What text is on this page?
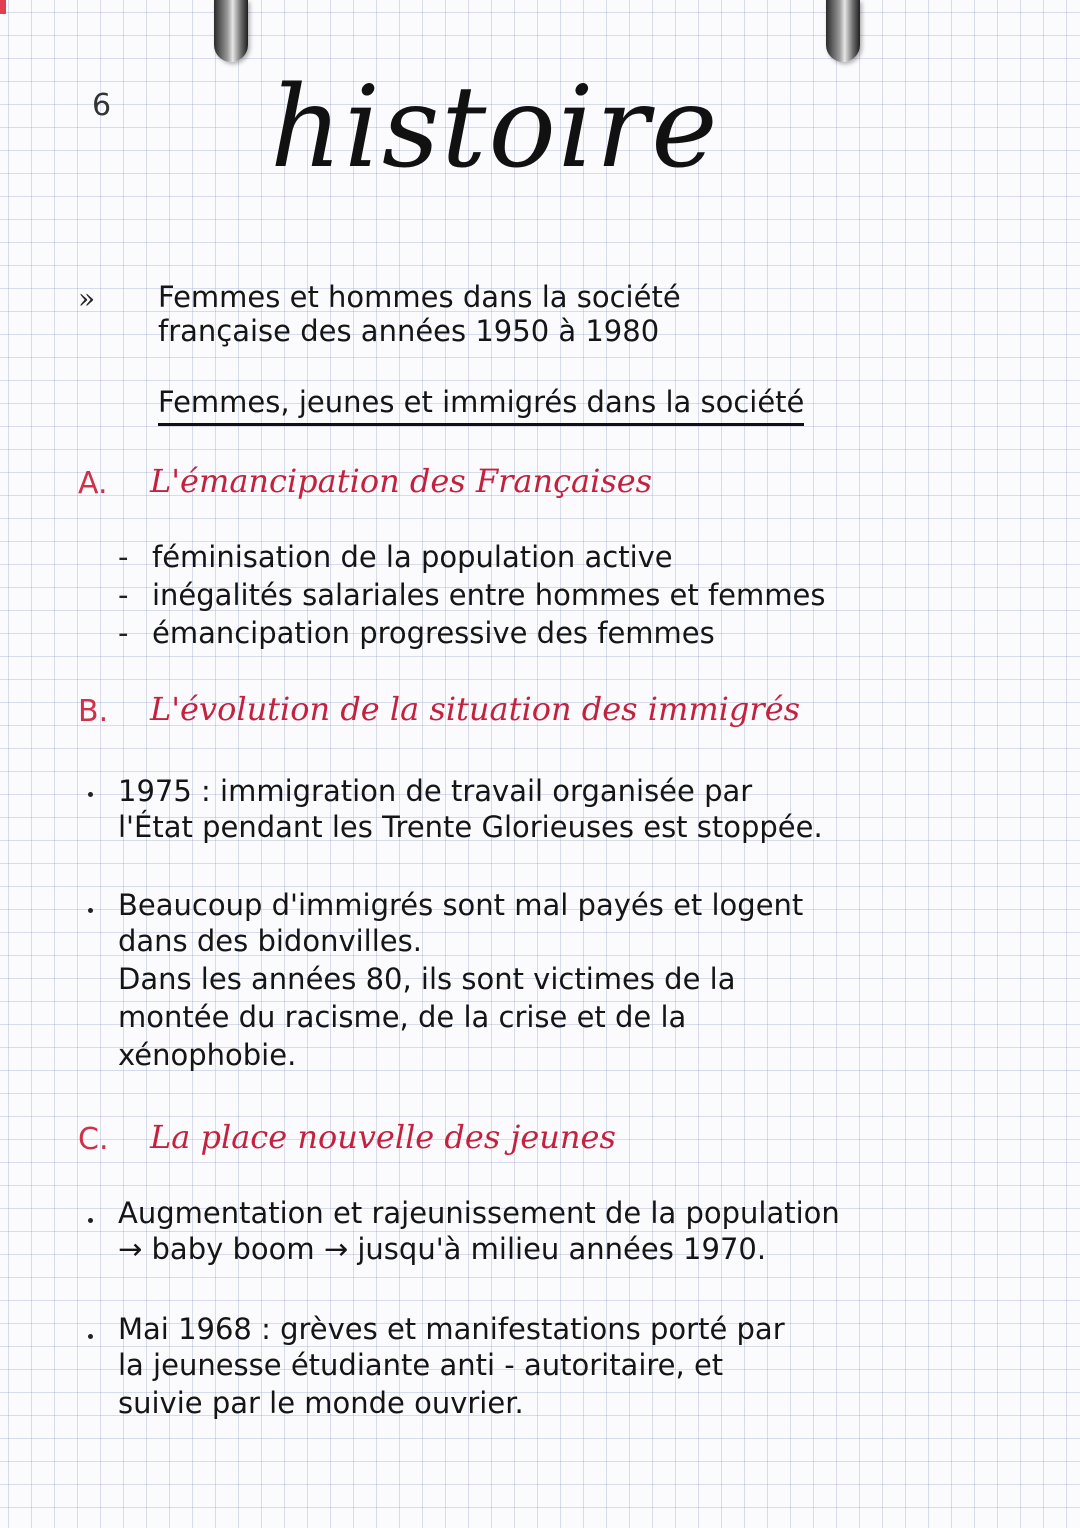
6 histoire
» Femmes et hommes dans la société
française des années 1950 à 1980
Femmes, jeunes et immigrés dans la société
A. L'émancipation des Françaises
- féminisation de la population active
- inégalités salariales entre hommes et femmes
- émancipation progressive des femmes
B. L'évolution de la situation des immigrés
1975 : immigration de travail organisée par
l'État pendant les Trente Glorieuses est stoppée.
Beaucoup d'immigrés sont mal payés et logent
dans des bidonvilles.
Dans les années 80, ils sont victimes de la
montée du racisme, de la crise et de la
xénophobie.
C. La place nouvelle des jeunes
Augmentation et rajeunissement de la population
→ baby boom → jusqu'à milieu années 1970.
Mai 1968 : grèves et manifestations porté par
la jeunesse étudiante anti - autoritaire, et
suivie par le monde ouvrier.
